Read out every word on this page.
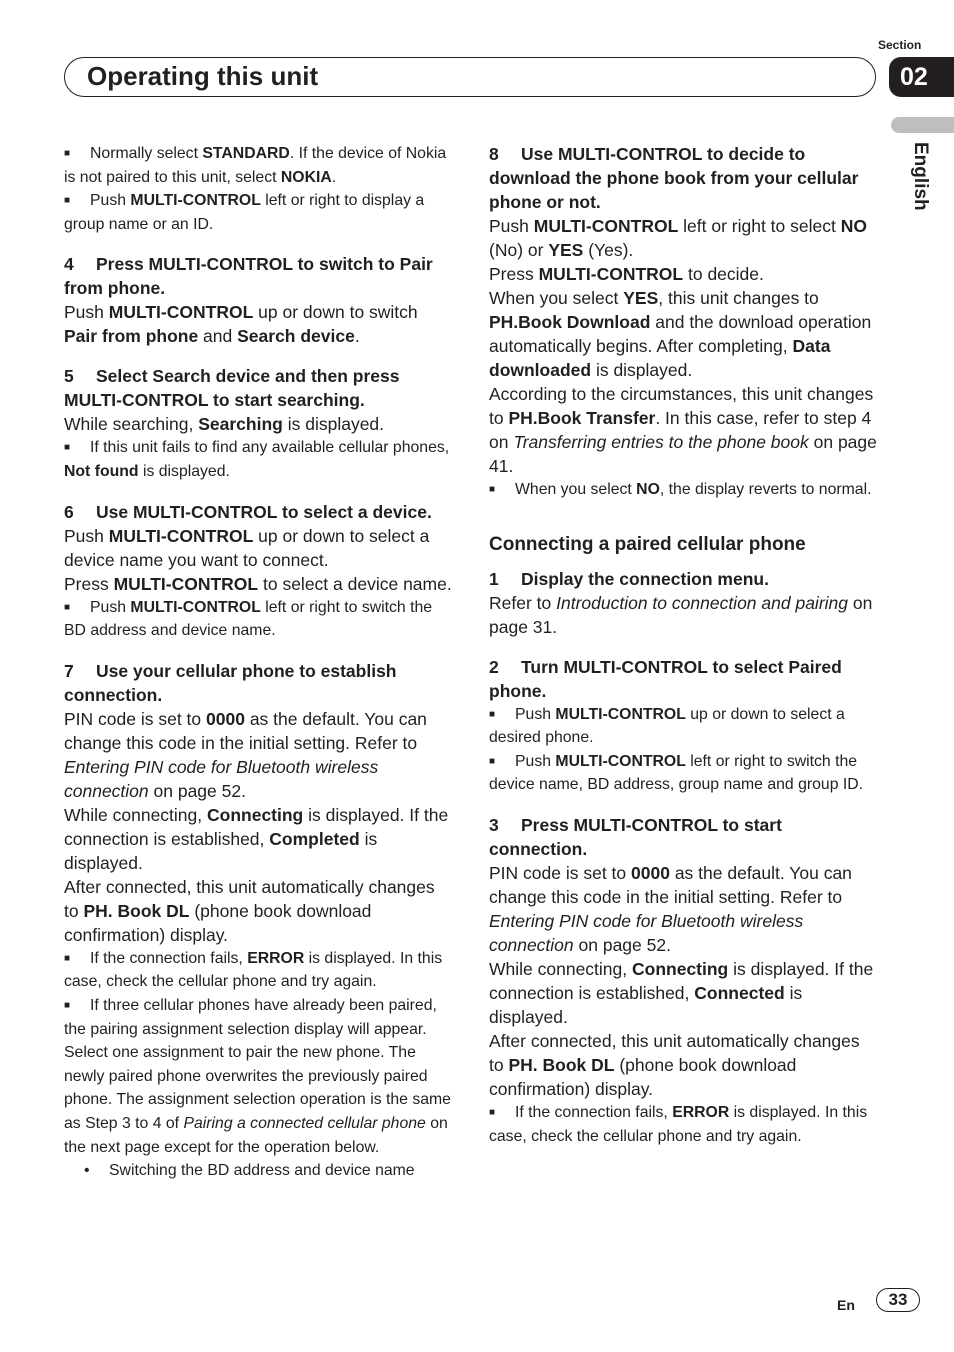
Section
02
Operating this unit
English

■ Normally select STANDARD. If the device of Nokia is not paired to this unit, select NOKIA.

■ Push MULTI-CONTROL left or right to display a group name or an ID.

4 Press MULTI-CONTROL to switch to Pair from phone.

Push MULTI-CONTROL up or down to switch Pair from phone and Search device.

5 Select Search device and then press MULTI-CONTROL to start searching.

While searching, Searching is displayed.

■ If this unit fails to find any available cellular phones, Not found is displayed.

6 Use MULTI-CONTROL to select a device.

Push MULTI-CONTROL up or down to select a device name you want to connect.

Press MULTI-CONTROL to select a device name.

■ Push MULTI-CONTROL left or right to switch the BD address and device name.

7 Use your cellular phone to establish connection.

PIN code is set to 0000 as the default. You can change this code in the initial setting. Refer to Entering PIN code for Bluetooth wireless connection on page 52.

While connecting, Connecting is displayed. If the connection is established, Completed is displayed.

After connected, this unit automatically changes to PH. Book DL (phone book download confirmation) display.

■ If the connection fails, ERROR is displayed. In this case, check the cellular phone and try again.

■ If three cellular phones have already been paired, the pairing assignment selection display will appear. Select one assignment to pair the new phone. The newly paired phone overwrites the previously paired phone. The assignment selection operation is the same as Step 3 to 4 of Pairing a connected cellular phone on the next page except for the operation below.

• Switching the BD address and device name

8 Use MULTI-CONTROL to decide to download the phone book from your cellular phone or not.

Push MULTI-CONTROL left or right to select NO (No) or YES (Yes).

Press MULTI-CONTROL to decide.

When you select YES, this unit changes to PH.Book Download and the download operation automatically begins. After completing, Data downloaded is displayed.

According to the circumstances, this unit changes to PH.Book Transfer. In this case, refer to step 4 on Transferring entries to the phone book on page 41.

■ When you select NO, the display reverts to normal.

Connecting a paired cellular phone

1 Display the connection menu.

Refer to Introduction to connection and pairing on page 31.

2 Turn MULTI-CONTROL to select Paired phone.

■ Push MULTI-CONTROL up or down to select a desired phone.

■ Push MULTI-CONTROL left or right to switch the device name, BD address, group name and group ID.

3 Press MULTI-CONTROL to start connection.

PIN code is set to 0000 as the default. You can change this code in the initial setting. Refer to Entering PIN code for Bluetooth wireless connection on page 52.

While connecting, Connecting is displayed. If the connection is established, Connected is displayed.

After connected, this unit automatically changes to PH. Book DL (phone book download confirmation) display.

■ If the connection fails, ERROR is displayed. In this case, check the cellular phone and try again.

En	33
